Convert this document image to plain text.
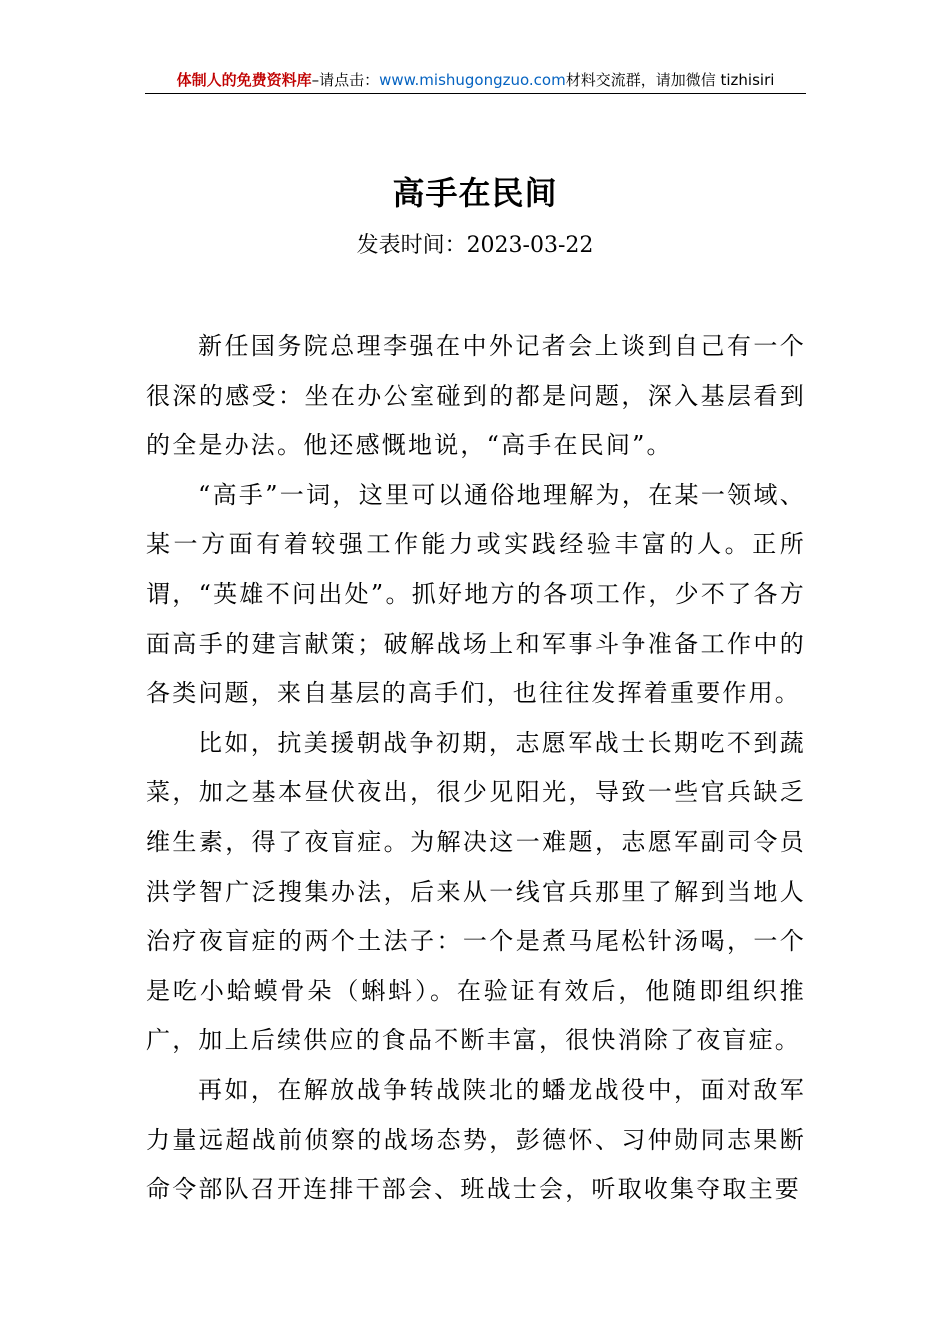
体制人的免费资料库–请点击：www.mishugongzuo.com材料交流群，请加微信 tizhisiri
高手在民间
发表时间：2023-03-22

新任国务院总理李强在中外记者会上谈到自己有一个很深的感受：坐在办公室碰到的都是问题，深入基层看到的全是办法。他还感慨地说，“高手在民间”。

“高手”一词，这里可以通俗地理解为，在某一领域、某一方面有着较强工作能力或实践经验丰富的人。正所谓，“英雄不问出处”。抓好地方的各项工作，少不了各方面高手的建言献策；破解战场上和军事斗争准备工作中的各类问题，来自基层的高手们，也往往发挥着重要作用。

比如，抗美援朝战争初期，志愿军战士长期吃不到蔬菜，加之基本昼伏夜出，很少见阳光，导致一些官兵缺乏维生素，得了夜盲症。为解决这一难题，志愿军副司令员洪学智广泛搜集办法，后来从一线官兵那里了解到当地人治疗夜盲症的两个土法子：一个是煮马尾松针汤喝，一个是吃小蛤蟆骨朵（蝌蚪）。在验证有效后，他随即组织推广，加上后续供应的食品不断丰富，很快消除了夜盲症。

再如，在解放战争转战陕北的蟠龙战役中，面对敌军力量远超战前侦察的战场态势，彭德怀、习仲勋同志果断命令部队召开连排干部会、班战士会，听取收集夺取主要
